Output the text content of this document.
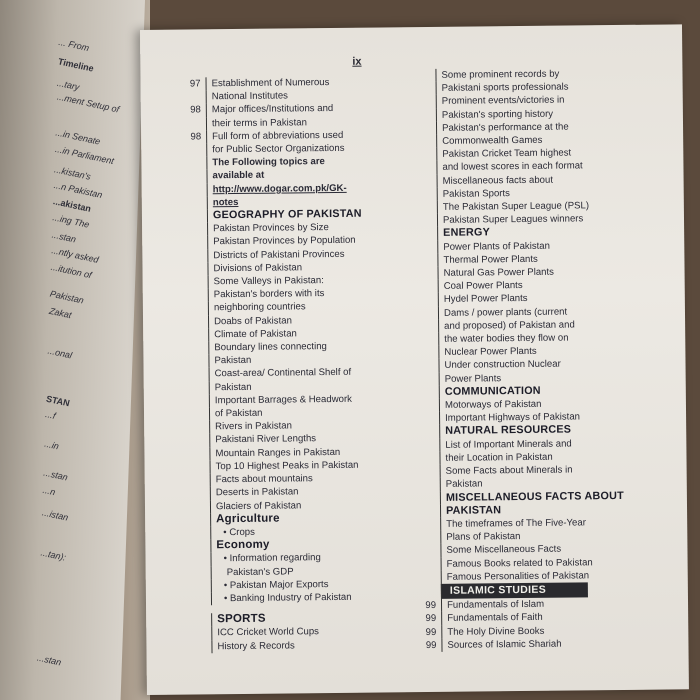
... From
Timeline
...tary
...ment Setup of
...in Senate
...in Parliament
...kistan's
...n Pakistan
...akistan
...ing The
...stan
...ntly asked
...itution of
Pakistan
Zakat
...onal
STAN
...f
...in
...stan
...n
...istan
...tan):
...stan
ix
97	Establishment of Numerous
National Institutes
98	Major offices/Institutions and
their terms in Pakistan
98	Full form of abbreviations used
for Public Sector Organizations
The Following topics are
available at
http://www.dogar.com.pk/GK-
notes
GEOGRAPHY OF PAKISTAN
Pakistan Provinces by Size
Pakistan Provinces by Population
Districts of Pakistani Provinces
Divisions of Pakistan
Some Valleys in Pakistan:
Pakistan's borders with its
neighboring countries
Doabs of Pakistan
Climate of Pakistan
Boundary lines connecting
Pakistan
Coast-area/ Continental Shelf of
Pakistan
Important Barrages & Headwork
of Pakistan
Rivers in Pakistan
Pakistani River Lengths
Mountain Ranges in Pakistan
Top 10 Highest Peaks in Pakistan
Facts about mountains
Deserts in Pakistan
Glaciers of Pakistan
Agriculture
• Crops
Economy
• Information regarding
Pakistan's GDP
• Pakistan Major Exports
• Banking Industry of Pakistan
SPORTS
ICC Cricket World Cups
History & Records
Some prominent records by
Pakistani sports professionals
Prominent events/victories in
Pakistan's sporting history
Pakistan's performance at the
Commonwealth Games
Pakistan Cricket Team highest
and lowest scores in each format
Miscellaneous facts about
Pakistan Sports
The Pakistan Super League (PSL)
Pakistan Super Leagues winners
ENERGY
Power Plants of Pakistan
Thermal Power Plants
Natural Gas Power Plants
Coal Power Plants
Hydel Power Plants
Dams / power plants (current
and proposed) of Pakistan and
the water bodies they flow on
Nuclear Power Plants
Under construction Nuclear
Power Plants
COMMUNICATION
Motorways of Pakistan
Important Highways of Pakistan
NATURAL RESOURCES
List of Important Minerals and
their Location in Pakistan
Some Facts about Minerals in
Pakistan
MISCELLANEOUS FACTS ABOUT
PAKISTAN
The timeframes of The Five-Year
Plans of Pakistan
Some Miscellaneous Facts
Famous Books related to Pakistan
Famous Personalities of Pakistan
ISLAMIC STUDIES
99	Fundamentals of Islam
99	Fundamentals of Faith
99	The Holy Divine Books
99	Sources of Islamic Shariah
